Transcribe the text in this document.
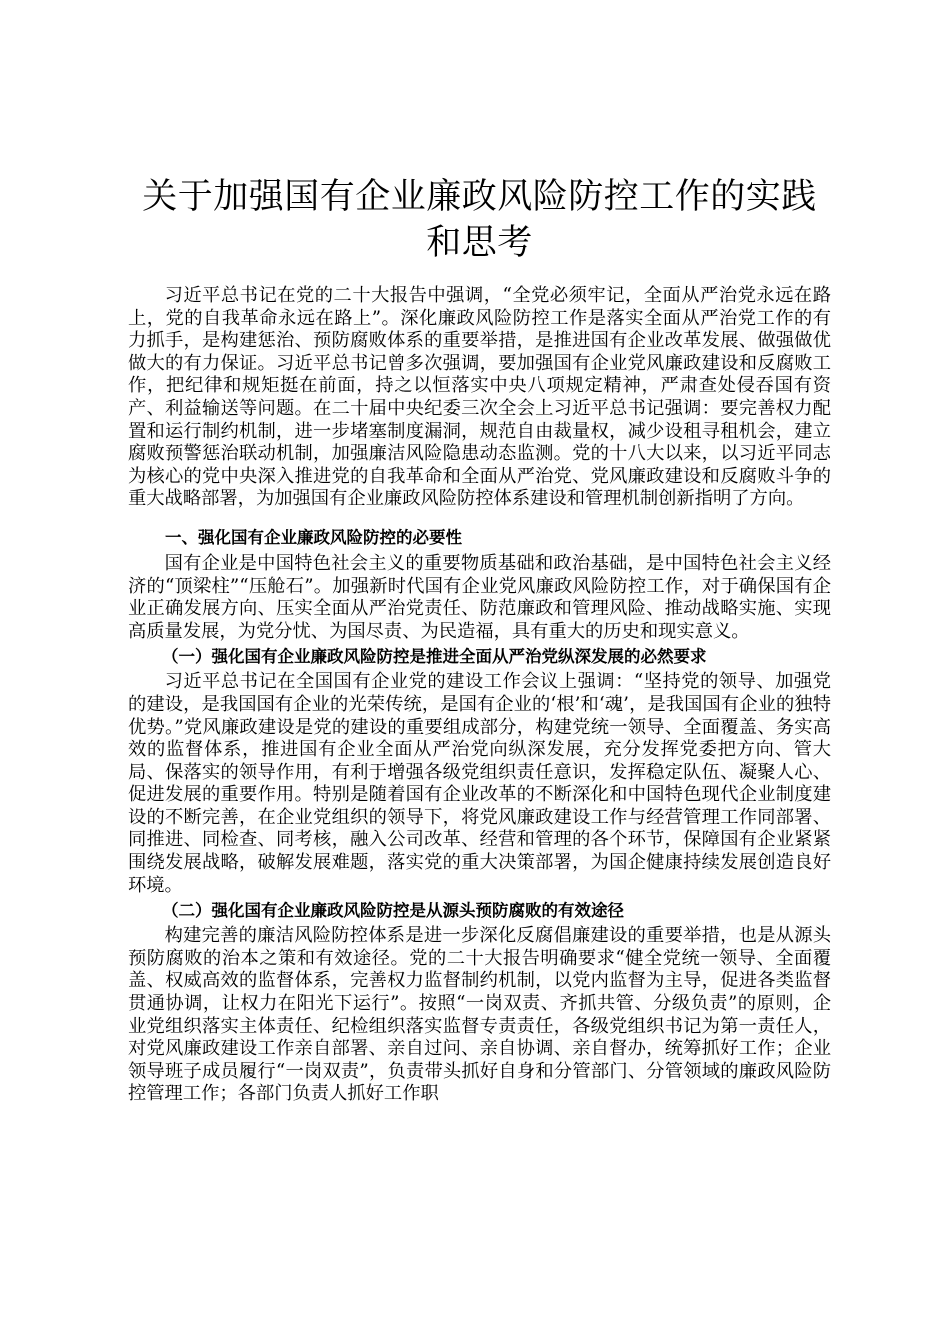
关于加强国有企业廉政风险防控工作的实践和思考

习近平总书记在党的二十大报告中强调，“全党必须牢记，全面从严治党永远在路上，党的自我革命永远在路上”。深化廉政风险防控工作是落实全面从严治党工作的有力抓手，是构建惩治、预防腐败体系的重要举措，是推进国有企业改革发展、做强做优做大的有力保证。习近平总书记曾多次强调，要加强国有企业党风廉政建设和反腐败工作，把纪律和规矩挺在前面，持之以恒落实中央八项规定精神，严肃查处侵吞国有资产、利益输送等问题。在二十届中央纪委三次全会上习近平总书记强调：要完善权力配置和运行制约机制，进一步堵塞制度漏洞，规范自由裁量权，减少设租寻租机会，建立腐败预警惩治联动机制，加强廉洁风险隐患动态监测。党的十八大以来，以习近平同志为核心的党中央深入推进党的自我革命和全面从严治党、党风廉政建设和反腐败斗争的重大战略部署，为加强国有企业廉政风险防控体系建设和管理机制创新指明了方向。

一、强化国有企业廉政风险防控的必要性

国有企业是中国特色社会主义的重要物质基础和政治基础，是中国特色社会主义经济的“顶梁柱”“压舱石”。加强新时代国有企业党风廉政风险防控工作，对于确保国有企业正确发展方向、压实全面从严治党责任、防范廉政和管理风险、推动战略实施、实现高质量发展，为党分忧、为国尽责、为民造福，具有重大的历史和现实意义。

（一）强化国有企业廉政风险防控是推进全面从严治党纵深发展的必然要求

习近平总书记在全国国有企业党的建设工作会议上强调：“坚持党的领导、加强党的建设，是我国国有企业的光荣传统，是国有企业的‘根’和‘魂’，是我国国有企业的独特优势。”党风廉政建设是党的建设的重要组成部分，构建党统一领导、全面覆盖、务实高效的监督体系，推进国有企业全面从严治党向纵深发展，充分发挥党委把方向、管大局、保落实的领导作用，有利于增强各级党组织责任意识，发挥稳定队伍、凝聚人心、促进发展的重要作用。特别是随着国有企业改革的不断深化和中国特色现代企业制度建设的不断完善，在企业党组织的领导下，将党风廉政建设工作与经营管理工作同部署、同推进、同检查、同考核，融入公司改革、经营和管理的各个环节，保障国有企业紧紧围绕发展战略，破解发展难题，落实党的重大决策部署，为国企健康持续发展创造良好环境。

（二）强化国有企业廉政风险防控是从源头预防腐败的有效途径

构建完善的廉洁风险防控体系是进一步深化反腐倡廉建设的重要举措，也是从源头预防腐败的治本之策和有效途径。党的二十大报告明确要求“健全党统一领导、全面覆盖、权威高效的监督体系，完善权力监督制约机制，以党内监督为主导，促进各类监督贯通协调，让权力在阳光下运行”。按照“一岗双责、齐抓共管、分级负责”的原则，企业党组织落实主体责任、纪检组织落实监督专责责任，各级党组织书记为第一责任人，对党风廉政建设工作亲自部署、亲自过问、亲自协调、亲自督办，统筹抓好工作；企业领导班子成员履行“一岗双责”，负责带头抓好自身和分管部门、分管领域的廉政风险防控管理工作；各部门负责人抓好工作职
